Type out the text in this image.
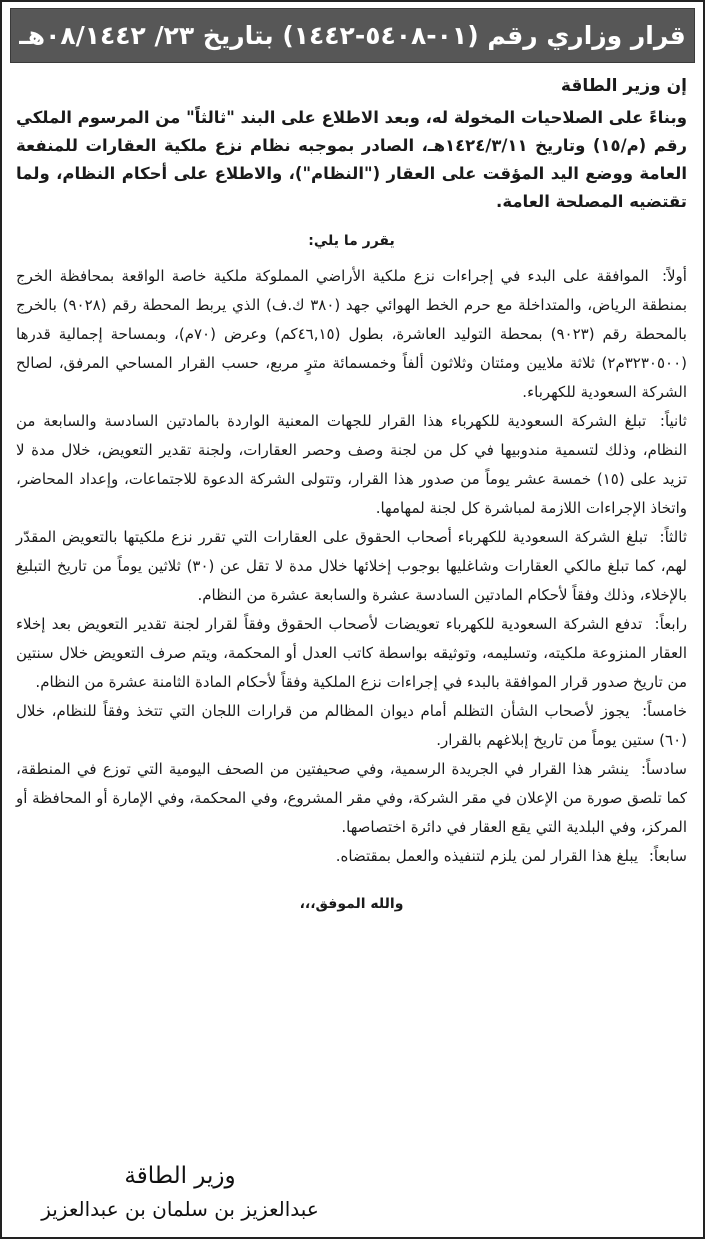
قرار وزاري رقم (٠١-٥٤٠٨-١٤٤٢) بتاريخ ٢٣/ ٠٨/١٤٤٢هـ
إن وزير الطاقة

وبناءً على الصلاحيات المخولة له، وبعد الاطلاع على البند "ثالثاً" من المرسوم الملكي رقم (م/١٥) وتاريخ ١٤٢٤/٣/١١هـ، الصادر بموجبه نظام نزع ملكية العقارات للمنفعة العامة ووضع اليد المؤقت على العقار ("النظام")، والاطلاع على أحكام النظام، ولما تقتضيه المصلحة العامة.

يقرر ما يلي:

أولاً: الموافقة على البدء في إجراءات نزع ملكية الأراضي المملوكة ملكية خاصة الواقعة بمحافظة الخرج بمنطقة الرياض، والمتداخلة مع حرم الخط الهوائي جهد (٣٨٠ ك.ف) الذي يربط المحطة رقم (٩٠٢٨) بالخرج بالمحطة رقم (٩٠٢٣) بمحطة التوليد العاشرة، بطول (٤٦,١٥كم) وعرض (٧٠م)، وبمساحة إجمالية قدرها (٣٢٣٠٥٠٠م٢) ثلاثة ملايين ومئتان وثلاثون ألفاً وخمسمائة مترٍ مربع، حسب القرار المساحي المرفق، لصالح الشركة السعودية للكهرباء.

ثانياً: تبلغ الشركة السعودية للكهرباء هذا القرار للجهات المعنية الواردة بالمادتين السادسة والسابعة من النظام، وذلك لتسمية مندوبيها في كل من لجنة وصف وحصر العقارات، ولجنة تقدير التعويض، خلال مدة لا تزيد على (١٥) خمسة عشر يوماً من صدور هذا القرار، وتتولى الشركة الدعوة للاجتماعات، وإعداد المحاضر، واتخاذ الإجراءات اللازمة لمباشرة كل لجنة لمهامها.

ثالثاً: تبلغ الشركة السعودية للكهرباء أصحاب الحقوق على العقارات التي تقرر نزع ملكيتها بالتعويض المقدّر لهم، كما تبلغ مالكي العقارات وشاغليها بوجوب إخلائها خلال مدة لا تقل عن (٣٠) ثلاثين يوماً من تاريخ التبليغ بالإخلاء، وذلك وفقاً لأحكام المادتين السادسة عشرة والسابعة عشرة من النظام.

رابعاً: تدفع الشركة السعودية للكهرباء تعويضات لأصحاب الحقوق وفقاً لقرار لجنة تقدير التعويض بعد إخلاء العقار المنزوعة ملكيته، وتسليمه، وتوثيقه بواسطة كاتب العدل أو المحكمة، ويتم صرف التعويض خلال سنتين من تاريخ صدور قرار الموافقة بالبدء في إجراءات نزع الملكية وفقاً لأحكام المادة الثامنة عشرة من النظام.

خامساً: يجوز لأصحاب الشأن التظلم أمام ديوان المظالم من قرارات اللجان التي تتخذ وفقاً للنظام، خلال (٦٠) ستين يوماً من تاريخ إبلاغهم بالقرار.

سادساً: ينشر هذا القرار في الجريدة الرسمية، وفي صحيفتين من الصحف اليومية التي توزع في المنطقة، كما تلصق صورة من الإعلان في مقر الشركة، وفي مقر المشروع، وفي المحكمة، وفي الإمارة أو المحافظة أو المركز، وفي البلدية التي يقع العقار في دائرة اختصاصها.

سابعاً: يبلغ هذا القرار لمن يلزم لتنفيذه والعمل بمقتضاه.

والله الموفق،،،
وزير الطاقة
عبدالعزيز بن سلمان بن عبدالعزيز
